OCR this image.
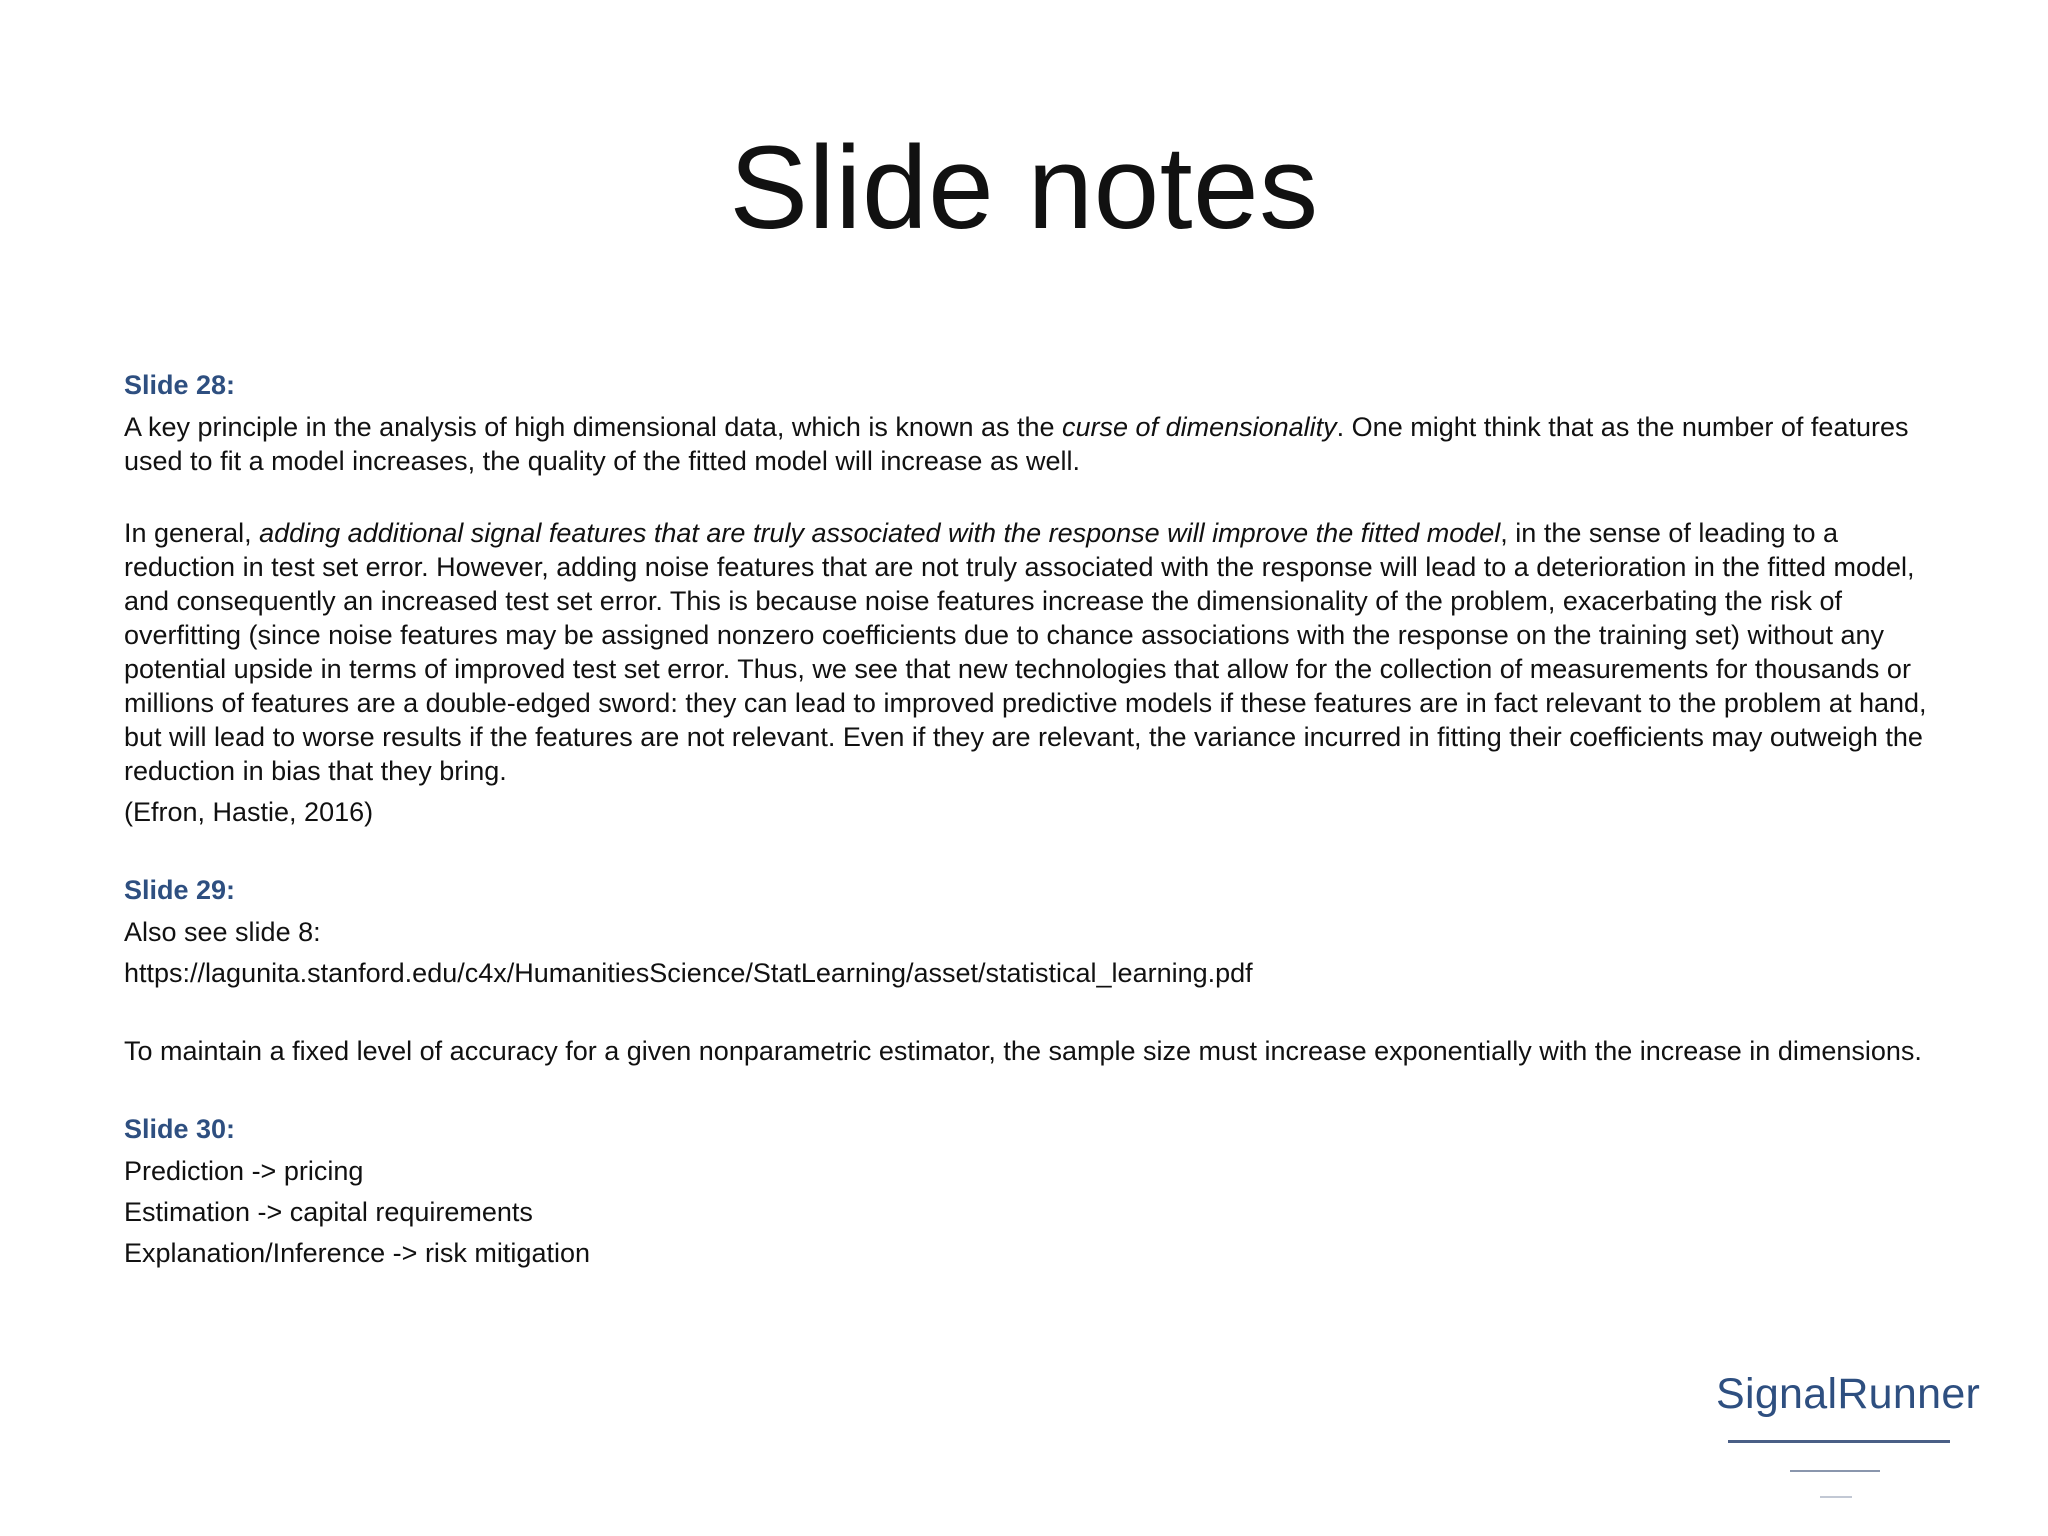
Slide notes

Slide 28:

A key principle in the analysis of high dimensional data, which is known as the curse of dimensionality. One might think that as the number of features used to fit a model increases, the quality of the fitted model will increase as well.

In general, adding additional signal features that are truly associated with the response will improve the fitted model, in the sense of leading to a reduction in test set error. However, adding noise features that are not truly associated with the response will lead to a deterioration in the fitted model, and consequently an increased test set error. This is because noise features increase the dimensionality of the problem, exacerbating the risk of overfitting (since noise features may be assigned nonzero coefficients due to chance associations with the response on the training set) without any potential upside in terms of improved test set error. Thus, we see that new technologies that allow for the collection of measurements for thousands or millions of features are a double-edged sword: they can lead to improved predictive models if these features are in fact relevant to the problem at hand, but will lead to worse results if the features are not relevant. Even if they are relevant, the variance incurred in fitting their coefficients may outweigh the reduction in bias that they bring.

(Efron, Hastie, 2016)

Slide 29:

Also see slide 8:

https://lagunita.stanford.edu/c4x/HumanitiesScience/StatLearning/asset/statistical_learning.pdf

To maintain a fixed level of accuracy for a given nonparametric estimator, the sample size must increase exponentially with the increase in dimensions.

Slide 30:

Prediction -> pricing

Estimation -> capital requirements

Explanation/Inference -> risk mitigation

SignalRunner
